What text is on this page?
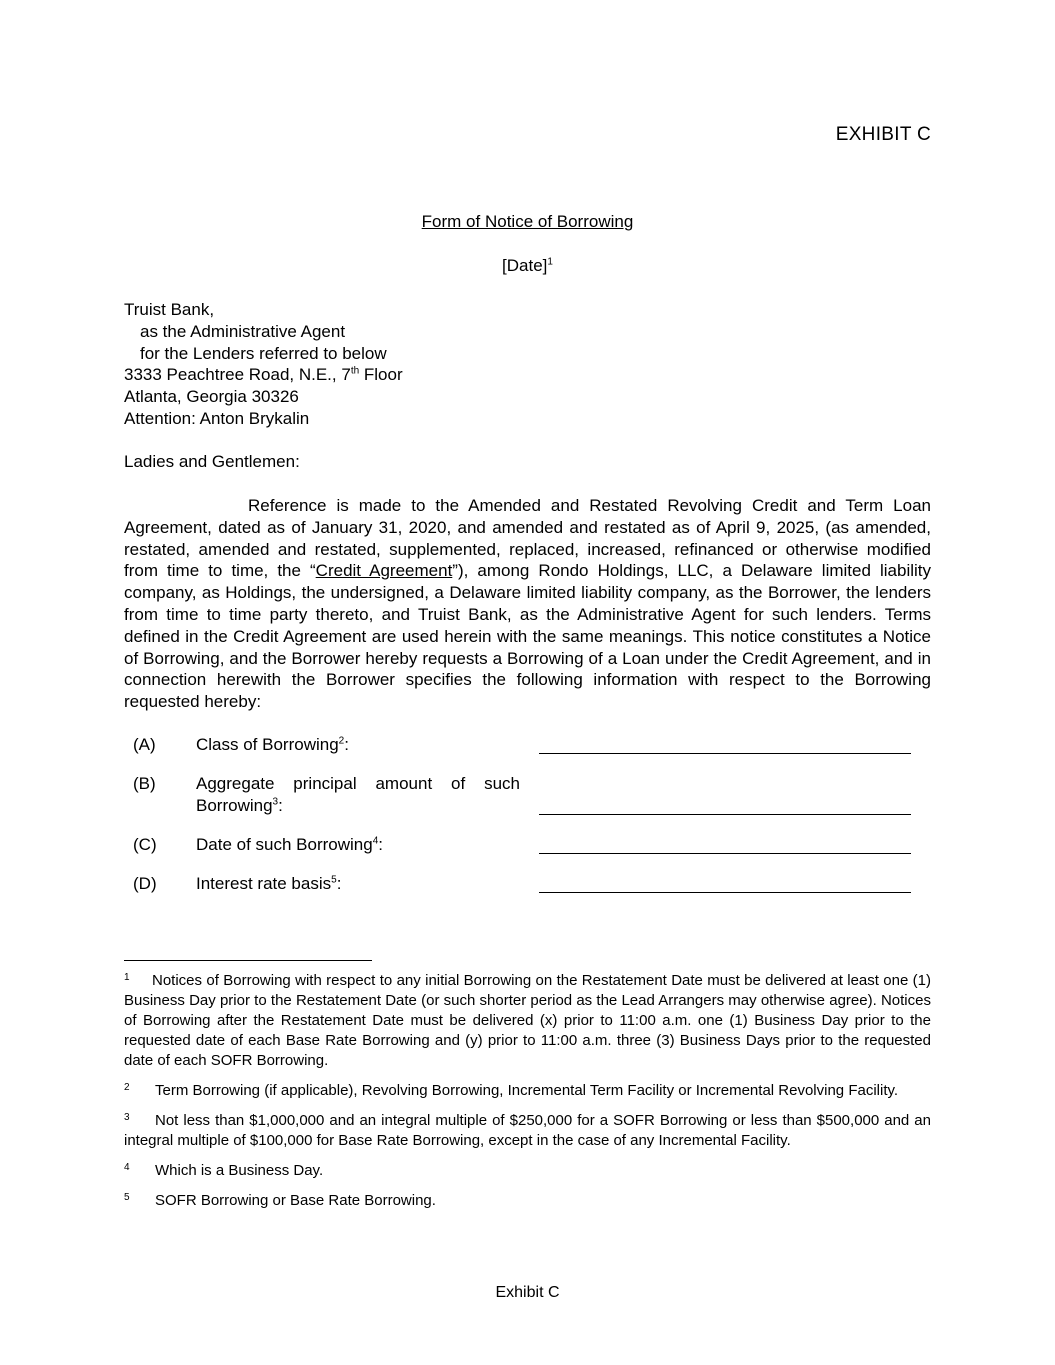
EXHIBIT C
Form of Notice of Borrowing
[Date]$^1$
Truist Bank,
as the Administrative Agent
for the Lenders referred to below
3333 Peachtree Road, N.E., 7th Floor
Atlanta, Georgia 30326
Attention: Anton Brykalin
Ladies and Gentlemen:
Reference is made to the Amended and Restated Revolving Credit and Term Loan Agreement, dated as of January 31, 2020, and amended and restated as of April 9, 2025, (as amended, restated, amended and restated, supplemented, replaced, increased, refinanced or otherwise modified from time to time, the “Credit Agreement”), among Rondo Holdings, LLC, a Delaware limited liability company, as Holdings, the undersigned, a Delaware limited liability company, as the Borrower, the lenders from time to time party thereto, and Truist Bank, as the Administrative Agent for such lenders. Terms defined in the Credit Agreement are used herein with the same meanings. This notice constitutes a Notice of Borrowing, and the Borrower hereby requests a Borrowing of a Loan under the Credit Agreement, and in connection herewith the Borrower specifies the following information with respect to the Borrowing requested hereby:
(A)	Class of Borrowing$^2$:
(B)	Aggregate principal amount of such Borrowing$^3$:
(C)	Date of such Borrowing$^4$:
(D)	Interest rate basis$^5$:
1 Notices of Borrowing with respect to any initial Borrowing on the Restatement Date must be delivered at least one (1) Business Day prior to the Restatement Date (or such shorter period as the Lead Arrangers may otherwise agree). Notices of Borrowing after the Restatement Date must be delivered (x) prior to 11:00 a.m. one (1) Business Day prior to the requested date of each Base Rate Borrowing and (y) prior to 11:00 a.m. three (3) Business Days prior to the requested date of each SOFR Borrowing.
2 Term Borrowing (if applicable), Revolving Borrowing, Incremental Term Facility or Incremental Revolving Facility.
3 Not less than $1,000,000 and an integral multiple of $250,000 for a SOFR Borrowing or less than $500,000 and an integral multiple of $100,000 for Base Rate Borrowing, except in the case of any Incremental Facility.
4 Which is a Business Day.
5 SOFR Borrowing or Base Rate Borrowing.
Exhibit C
